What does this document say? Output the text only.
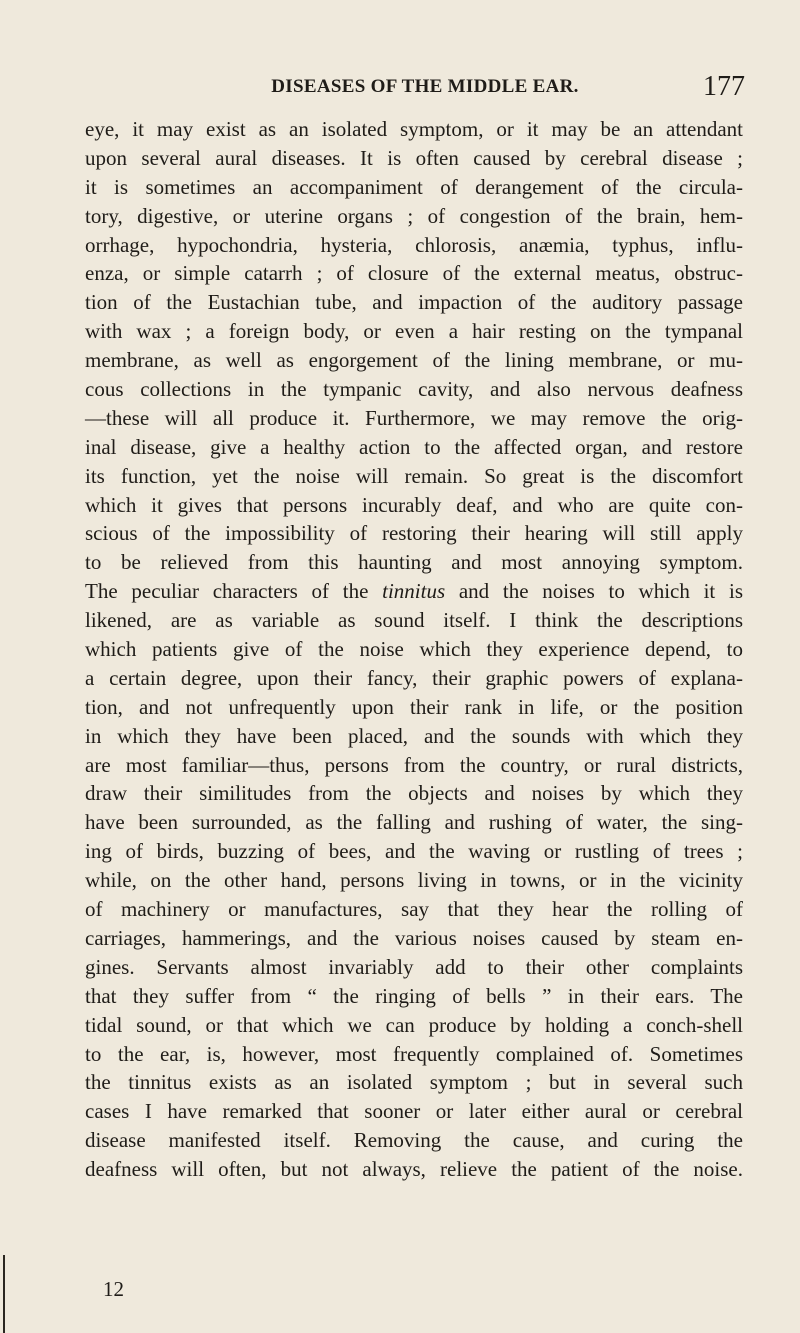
DISEASES OF THE MIDDLE EAR.	177
eye, it may exist as an isolated symptom, or it may be an attendant
upon several aural diseases. It is often caused by cerebral disease ;
it is sometimes an accompaniment of derangement of the circula-
tory, digestive, or uterine organs ; of congestion of the brain, hem-
orrhage, hypochondria, hysteria, chlorosis, anæmia, typhus, influ-
enza, or simple catarrh ; of closure of the external meatus, obstruc-
tion of the Eustachian tube, and impaction of the auditory passage
with wax ; a foreign body, or even a hair resting on the tympanal
membrane, as well as engorgement of the lining membrane, or mu-
cous collections in the tympanic cavity, and also nervous deafness
—these will all produce it. Furthermore, we may remove the orig-
inal disease, give a healthy action to the affected organ, and restore
its function, yet the noise will remain. So great is the discomfort
which it gives that persons incurably deaf, and who are quite con-
scious of the impossibility of restoring their hearing will still apply
to be relieved from this haunting and most annoying symptom.
The peculiar characters of the tinnitus and the noises to which it is
likened, are as variable as sound itself. I think the descriptions
which patients give of the noise which they experience depend, to
a certain degree, upon their fancy, their graphic powers of explana-
tion, and not unfrequently upon their rank in life, or the position
in which they have been placed, and the sounds with which they
are most familiar—thus, persons from the country, or rural districts,
draw their similitudes from the objects and noises by which they
have been surrounded, as the falling and rushing of water, the sing-
ing of birds, buzzing of bees, and the waving or rustling of trees ;
while, on the other hand, persons living in towns, or in the vicinity
of machinery or manufactures, say that they hear the rolling of
carriages, hammerings, and the various noises caused by steam en-
gines. Servants almost invariably add to their other complaints
that they suffer from “ the ringing of bells ” in their ears. The
tidal sound, or that which we can produce by holding a conch-shell
to the ear, is, however, most frequently complained of. Sometimes
the tinnitus exists as an isolated symptom ; but in several such
cases I have remarked that sooner or later either aural or cerebral
disease manifested itself. Removing the cause, and curing the
deafness will often, but not always, relieve the patient of the noise.
12
